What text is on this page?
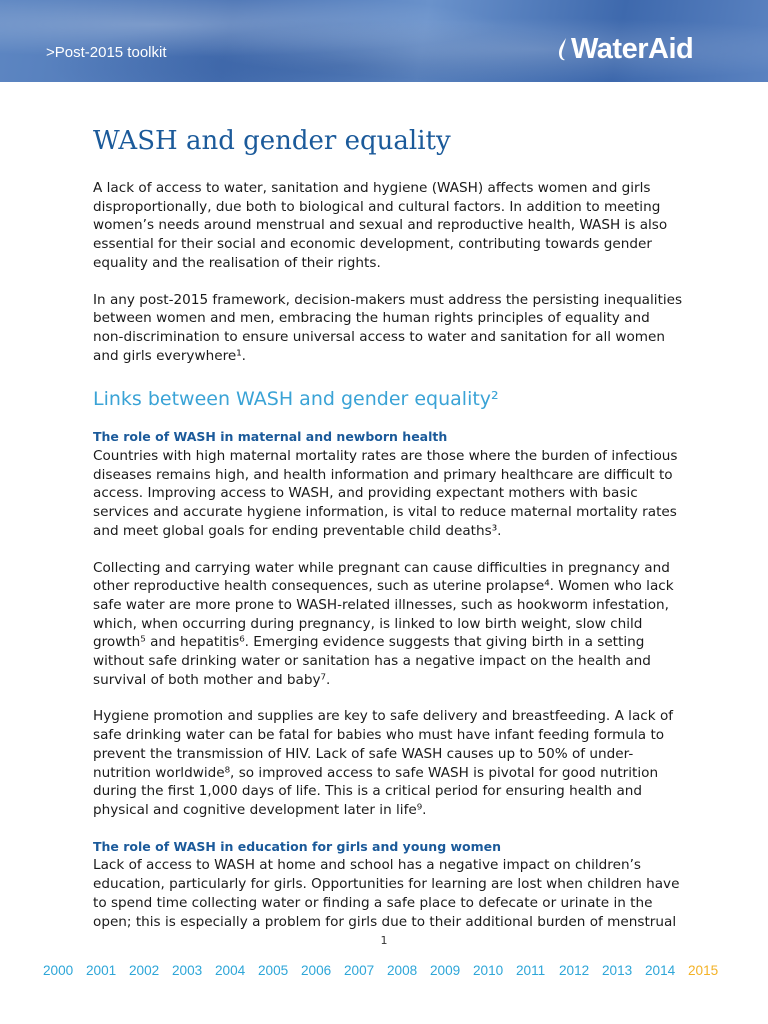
>Post-2015 toolkit	WaterAid
WASH and gender equality

A lack of access to water, sanitation and hygiene (WASH) affects women and girls disproportionally, due both to biological and cultural factors. In addition to meeting women’s needs around menstrual and sexual and reproductive health, WASH is also essential for their social and economic development, contributing towards gender equality and the realisation of their rights.

In any post-2015 framework, decision-makers must address the persisting inequalities between women and men, embracing the human rights principles of equality and non-discrimination to ensure universal access to water and sanitation for all women and girls everywhere¹.

Links between WASH and gender equality²
The role of WASH in maternal and newborn health

Countries with high maternal mortality rates are those where the burden of infectious diseases remains high, and health information and primary healthcare are difficult to access. Improving access to WASH, and providing expectant mothers with basic services and accurate hygiene information, is vital to reduce maternal mortality rates and meet global goals for ending preventable child deaths³.

Collecting and carrying water while pregnant can cause difficulties in pregnancy and other reproductive health consequences, such as uterine prolapse⁴. Women who lack safe water are more prone to WASH-related illnesses, such as hookworm infestation, which, when occurring during pregnancy, is linked to low birth weight, slow child growth⁵ and hepatitis⁶. Emerging evidence suggests that giving birth in a setting without safe drinking water or sanitation has a negative impact on the health and survival of both mother and baby⁷.

Hygiene promotion and supplies are key to safe delivery and breastfeeding. A lack of safe drinking water can be fatal for babies who must have infant feeding formula to prevent the transmission of HIV. Lack of safe WASH causes up to 50% of under-nutrition worldwide⁸, so improved access to safe WASH is pivotal for good nutrition during the first 1,000 days of life. This is a critical period for ensuring health and physical and cognitive development later in life⁹.

The role of WASH in education for girls and young women

Lack of access to WASH at home and school has a negative impact on children’s education, particularly for girls. Opportunities for learning are lost when children have to spend time collecting water or finding a safe place to defecate or urinate in the open; this is especially a problem for girls due to their additional burden of menstrual

1
2000 2001 2002 2003 2004 2005 2006 2007 2008 2009 2010 2011	2012 2013 2014 2015
